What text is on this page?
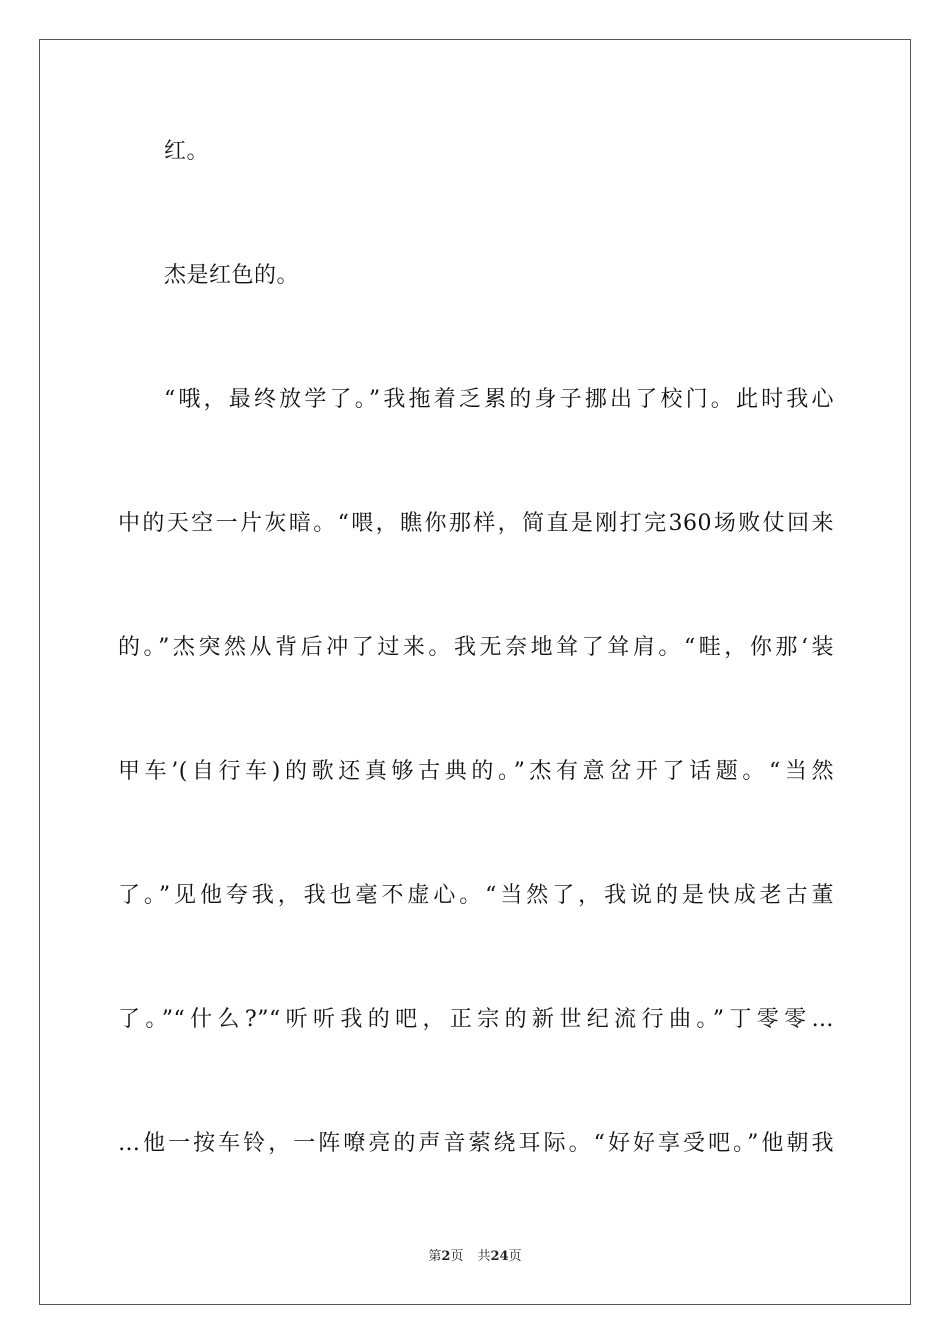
红。
杰是红色的。
“哦，最终放学了。”我拖着乏累的身子挪出了校门。此时我心
中的天空一片灰暗。“喂，瞧你那样，简直是刚打完360场败仗回来
的。”杰突然从背后冲了过来。我无奈地耸了耸肩。“畦，你那‘装
甲车’(自行车)的歌还真够古典的。”杰有意岔开了话题。“当然
了。”见他夸我，我也毫不虚心。“当然了，我说的是快成老古董
了。”“什么?”“听听我的吧，正宗的新世纪流行曲。”丁零零…
…他一按车铃，一阵嘹亮的声音萦绕耳际。“好好享受吧。”他朝我
第2页 共24页
